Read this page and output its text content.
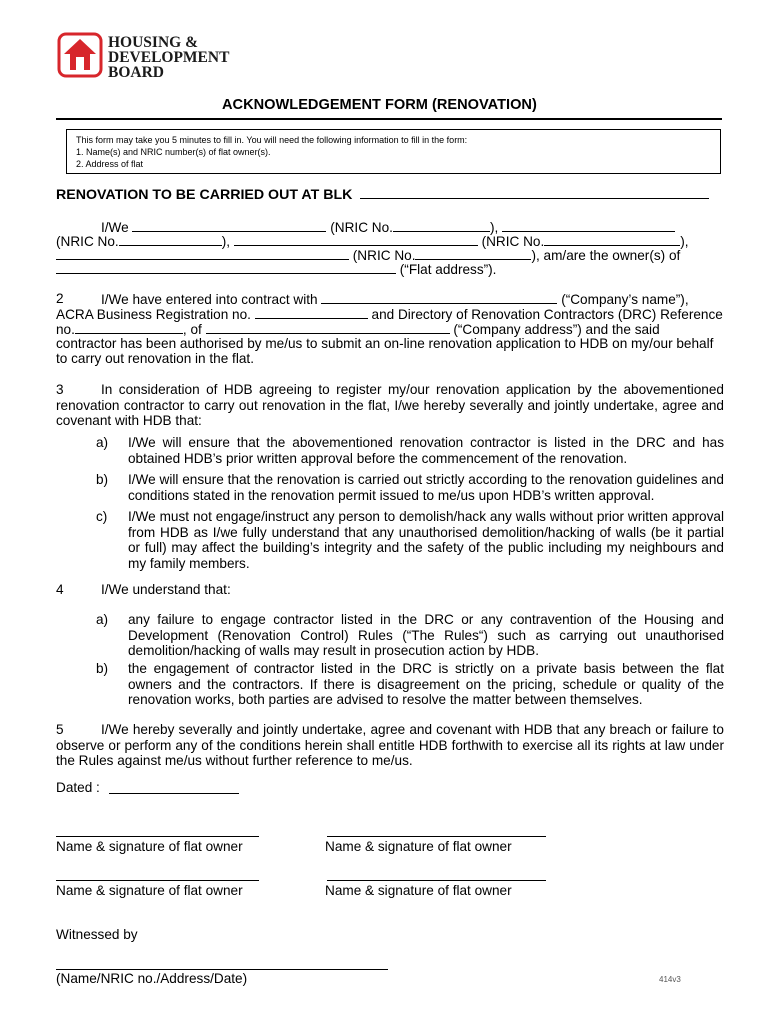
HOUSING &
DEVELOPMENT
BOARD
ACKNOWLEDGEMENT FORM (RENOVATION)
This form may take you 5 minutes to fill in. You will need the following information to fill in the form:
1. Name(s) and NRIC number(s) of flat owner(s).
2. Address of flat
RENOVATION TO BE CARRIED OUT AT BLK
I/We	(NRIC No.	),
(NRIC No.	),	(NRIC No.	),
(NRIC No.	), am/are the owner(s) of
(“Flat address”).
2	I/We have entered into contract with	(“Company’s name”),
ACRA Business Registration no.	and Directory of Renovation Contractors (DRC) Reference
no.	, of	(“Company address”) and the said
contractor has been authorised by me/us to submit an on-line renovation application to HDB on my/our behalf
to carry out renovation in the flat.
3	In consideration of HDB agreeing to register my/our renovation application by the abovementioned renovation contractor to carry out renovation in the flat, I/we hereby severally and jointly undertake, agree and covenant with HDB that:
a) I/We will ensure that the abovementioned renovation contractor is listed in the DRC and has obtained HDB’s prior written approval before the commencement of the renovation.
b) I/We will ensure that the renovation is carried out strictly according to the renovation guidelines and conditions stated in the renovation permit issued to me/us upon HDB’s written approval.
c) I/We must not engage/instruct any person to demolish/hack any walls without prior written approval from HDB as I/we fully understand that any unauthorised demolition/hacking of walls (be it partial or full) may affect the building’s integrity and the safety of the public including my neighbours and my family members.
4	I/We understand that:
a) any failure to engage contractor listed in the DRC or any contravention of the Housing and Development (Renovation Control) Rules (“The Rules“) such as carrying out unauthorised demolition/hacking of walls may result in prosecution action by HDB.
b) the engagement of contractor listed in the DRC is strictly on a private basis between the flat owners and the contractors. If there is disagreement on the pricing, schedule or quality of the renovation works, both parties are advised to resolve the matter between themselves.
5	I/We hereby severally and jointly undertake, agree and covenant with HDB that any breach or failure to observe or perform any of the conditions herein shall entitle HDB forthwith to exercise all its rights at law under the Rules against me/us without further reference to me/us.
Dated :
Name & signature of flat owner	Name & signature of flat owner
Name & signature of flat owner	Name & signature of flat owner
Witnessed by
(Name/NRIC no./Address/Date)	414v3
